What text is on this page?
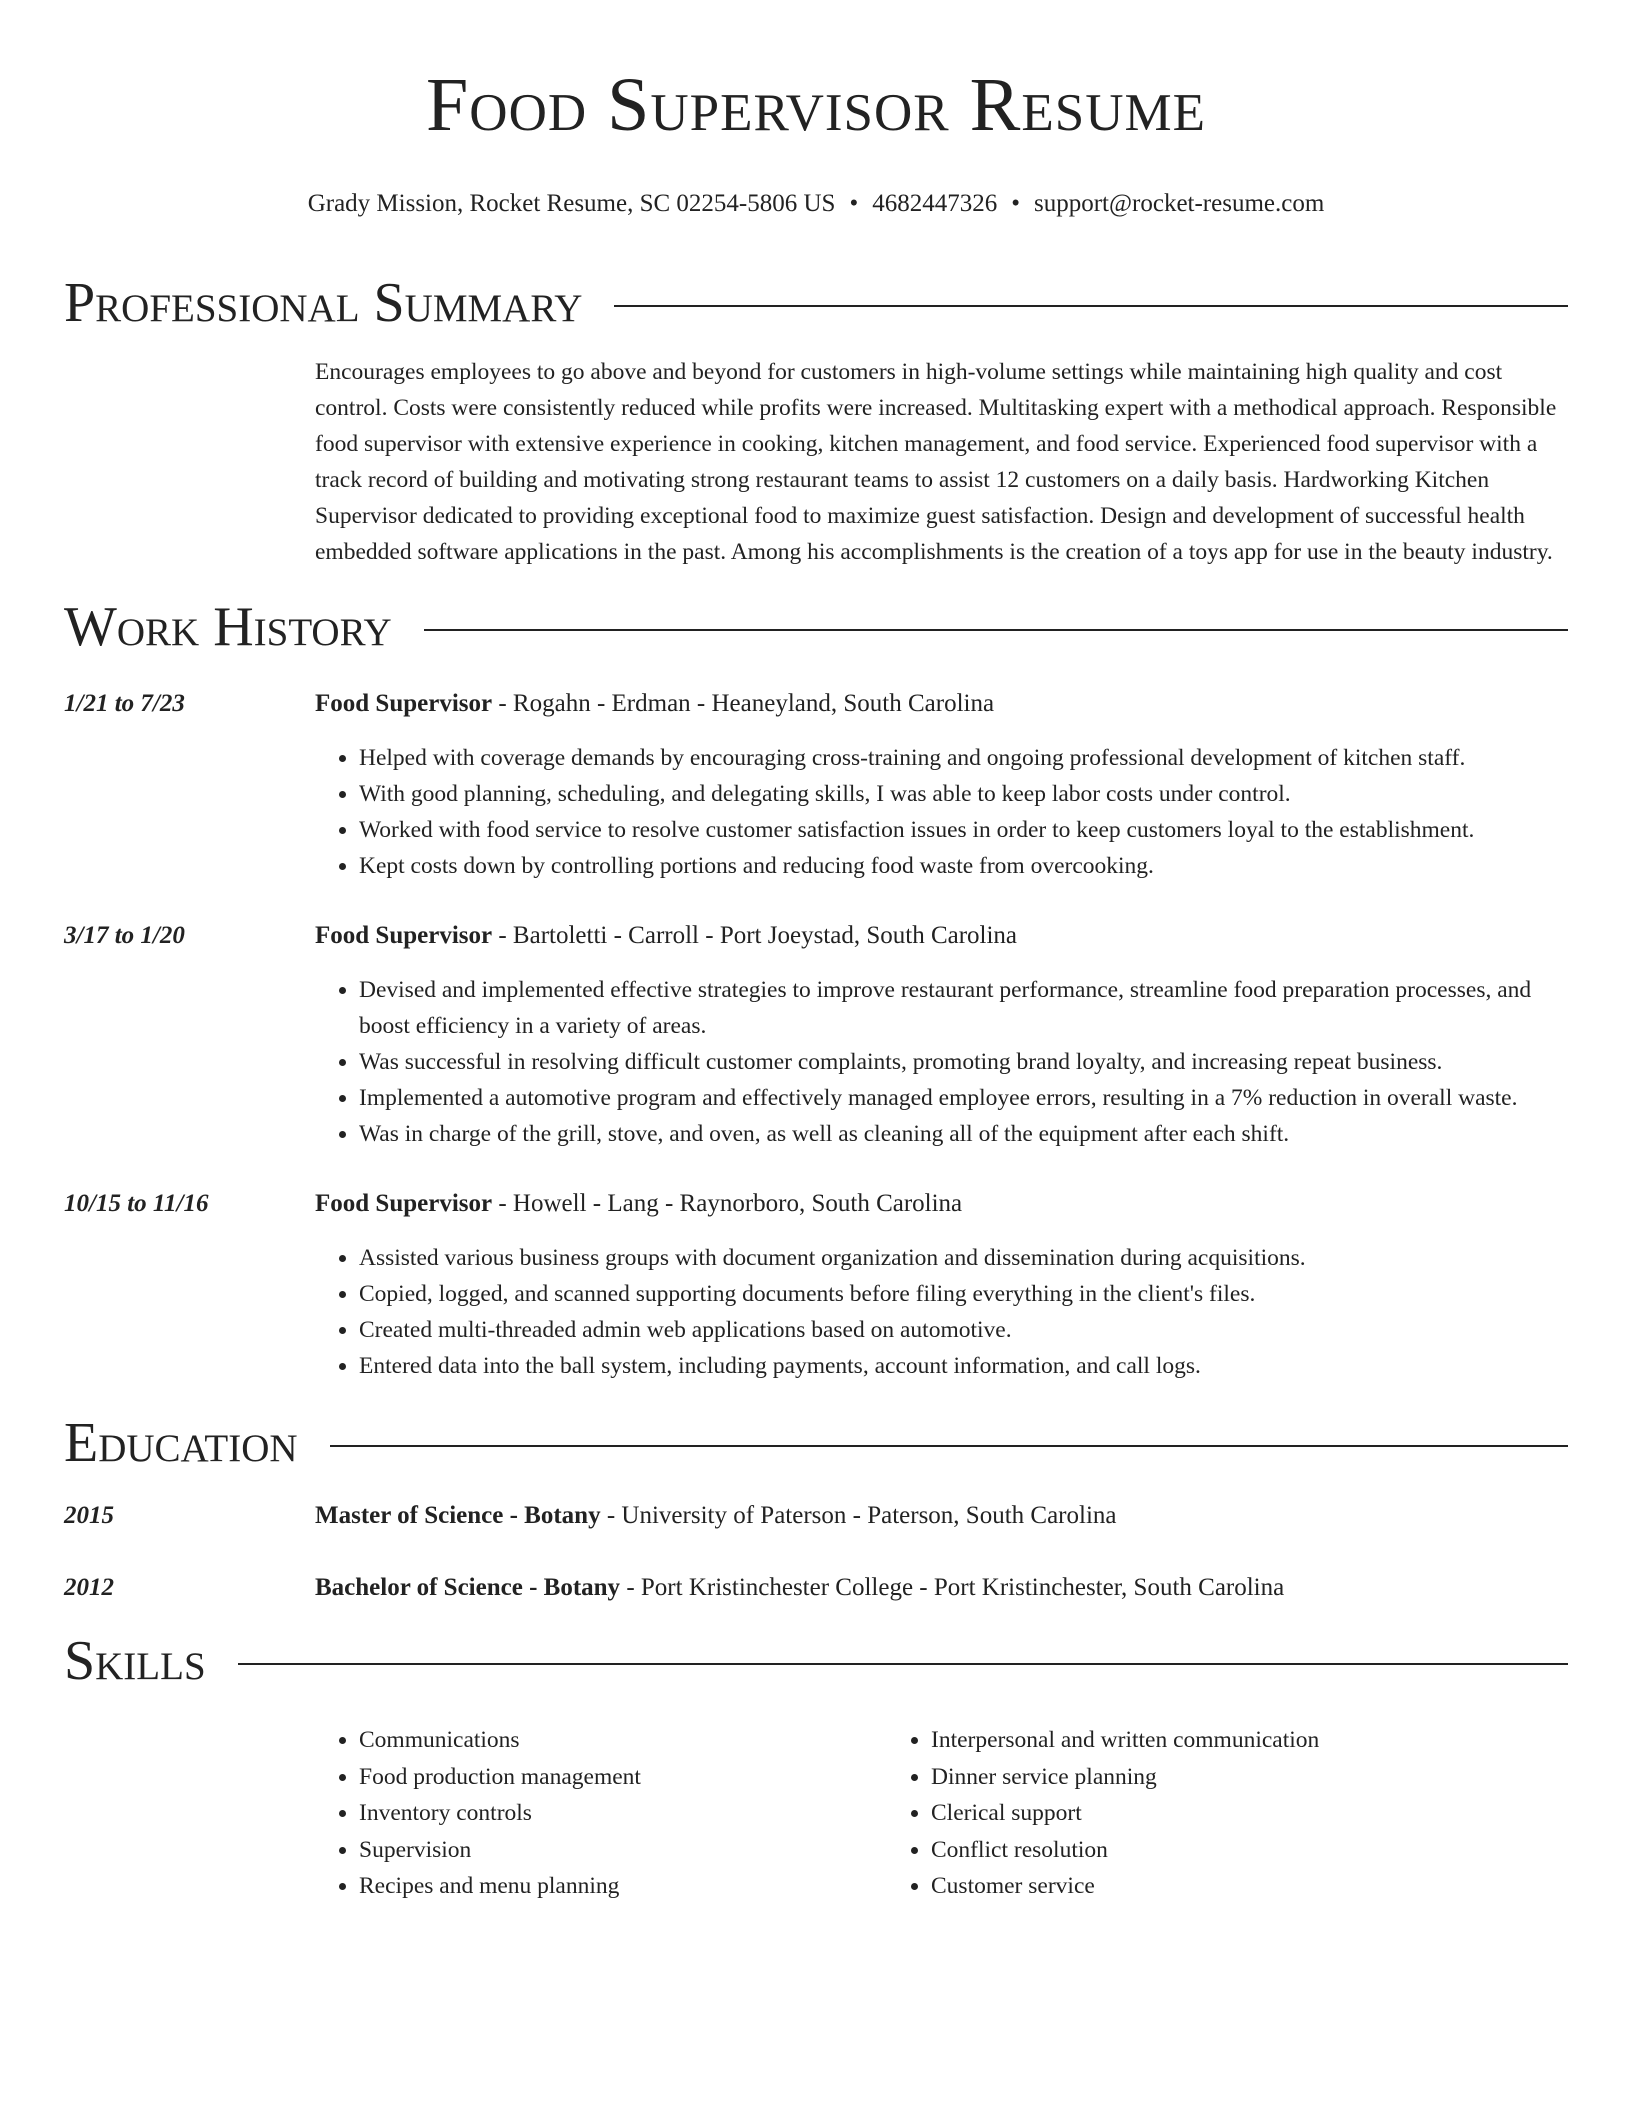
Food Supervisor Resume
Grady Mission, Rocket Resume, SC 02254-5806 US • 4682447326 • support@rocket-resume.com
Professional Summary
Encourages employees to go above and beyond for customers in high-volume settings while maintaining high quality and cost control. Costs were consistently reduced while profits were increased. Multitasking expert with a methodical approach. Responsible food supervisor with extensive experience in cooking, kitchen management, and food service. Experienced food supervisor with a track record of building and motivating strong restaurant teams to assist 12 customers on a daily basis. Hardworking Kitchen Supervisor dedicated to providing exceptional food to maximize guest satisfaction. Design and development of successful health embedded software applications in the past. Among his accomplishments is the creation of a toys app for use in the beauty industry.
Work History
1/21 to 7/23	Food Supervisor - Rogahn - Erdman - Heaneyland, South Carolina
• Helped with coverage demands by encouraging cross-training and ongoing professional development of kitchen staff.
• With good planning, scheduling, and delegating skills, I was able to keep labor costs under control.
• Worked with food service to resolve customer satisfaction issues in order to keep customers loyal to the establishment.
• Kept costs down by controlling portions and reducing food waste from overcooking.
3/17 to 1/20	Food Supervisor - Bartoletti - Carroll - Port Joeystad, South Carolina
• Devised and implemented effective strategies to improve restaurant performance, streamline food preparation processes, and boost efficiency in a variety of areas.
• Was successful in resolving difficult customer complaints, promoting brand loyalty, and increasing repeat business.
• Implemented a automotive program and effectively managed employee errors, resulting in a 7% reduction in overall waste.
• Was in charge of the grill, stove, and oven, as well as cleaning all of the equipment after each shift.
10/15 to 11/16	Food Supervisor - Howell - Lang - Raynorboro, South Carolina
• Assisted various business groups with document organization and dissemination during acquisitions.
• Copied, logged, and scanned supporting documents before filing everything in the client's files.
• Created multi-threaded admin web applications based on automotive.
• Entered data into the ball system, including payments, account information, and call logs.
Education
2015	Master of Science - Botany - University of Paterson - Paterson, South Carolina
2012	Bachelor of Science - Botany - Port Kristinchester College - Port Kristinchester, South Carolina
Skills
• Communications
• Food production management
• Inventory controls
• Supervision
• Recipes and menu planning
• Interpersonal and written communication
• Dinner service planning
• Clerical support
• Conflict resolution
• Customer service
